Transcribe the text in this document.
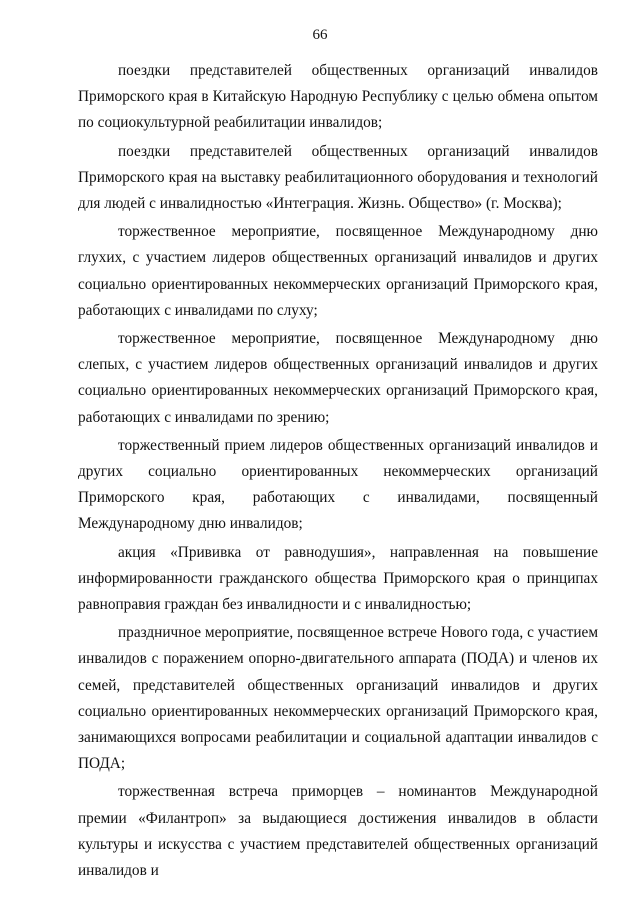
66

поездки представителей общественных организаций инвалидов Приморского края в Китайскую Народную Республику с целью обмена опытом по социокультурной реабилитации инвалидов;

поездки представителей общественных организаций инвалидов Приморского края на выставку реабилитационного оборудования и технологий для людей с инвалидностью «Интеграция. Жизнь. Общество» (г. Москва);

торжественное мероприятие, посвященное Международному дню глухих, с участием лидеров общественных организаций инвалидов и других социально ориентированных некоммерческих организаций Приморского края, работающих с инвалидами по слуху;

торжественное мероприятие, посвященное Международному дню слепых, с участием лидеров общественных организаций инвалидов и других социально ориентированных некоммерческих организаций Приморского края, работающих с инвалидами по зрению;

торжественный прием лидеров общественных организаций инвалидов и других социально ориентированных некоммерческих организаций Приморского края, работающих с инвалидами, посвященный Международному дню инвалидов;

акция «Прививка от равнодушия», направленная на повышение информированности гражданского общества Приморского края о принципах равноправия граждан без инвалидности и с инвалидностью;

праздничное мероприятие, посвященное встрече Нового года, с участием инвалидов с поражением опорно-двигательного аппарата (ПОДА) и членов их семей, представителей общественных организаций инвалидов и других социально ориентированных некоммерческих организаций Приморского края, занимающихся вопросами реабилитации и социальной адаптации инвалидов с ПОДА;

торжественная встреча приморцев – номинантов Международной премии «Филантроп» за выдающиеся достижения инвалидов в области культуры и искусства с участием представителей общественных организаций инвалидов и
